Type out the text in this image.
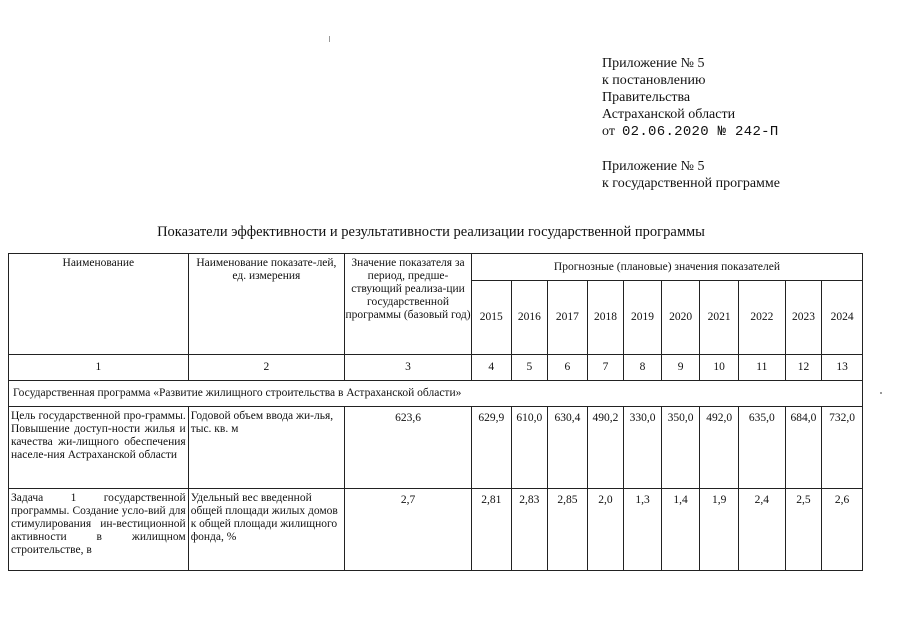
Приложение № 5
к постановлению
Правительства
Астраханской области
от 02.06.2020 № 242-П
Приложение № 5
к государственной программе
Показатели эффективности и результативности реализации государственной программы
Наименование	Наименование показате-лей, ед. измерения	Значение показателя за период, предше-ствующий реализа-ции государственной программы (базовый год)	Прогнозные (плановые) значения показателей									
			2015	2016	2017	2018	2019	2020	2021	2022	2023	2024
1	2	3	4	5	6	7	8	9	10	11	12	13
Государственная программа «Развитие жилищного строительства в Астраханской области»												
Цель государственной про-граммы. Повышение доступ-ности жилья и качества жи-лищного обеспечения населе-ния Астраханской области	Годовой объем ввода жи-лья, тыс. кв. м	623,6	629,9	610,0	630,4	490,2	330,0	350,0	492,0	635,0	684,0	732,0
Задача 1 государственной программы. Создание усло-вий для стимулирования ин-вестиционной активности в жилищном строительстве, в	Удельный вес введенной общей площади жилых домов к общей площади жилищного фонда, %	2,7	2,81	2,83	2,85	2,0	1,3	1,4	1,9	2,4	2,5	2,6
